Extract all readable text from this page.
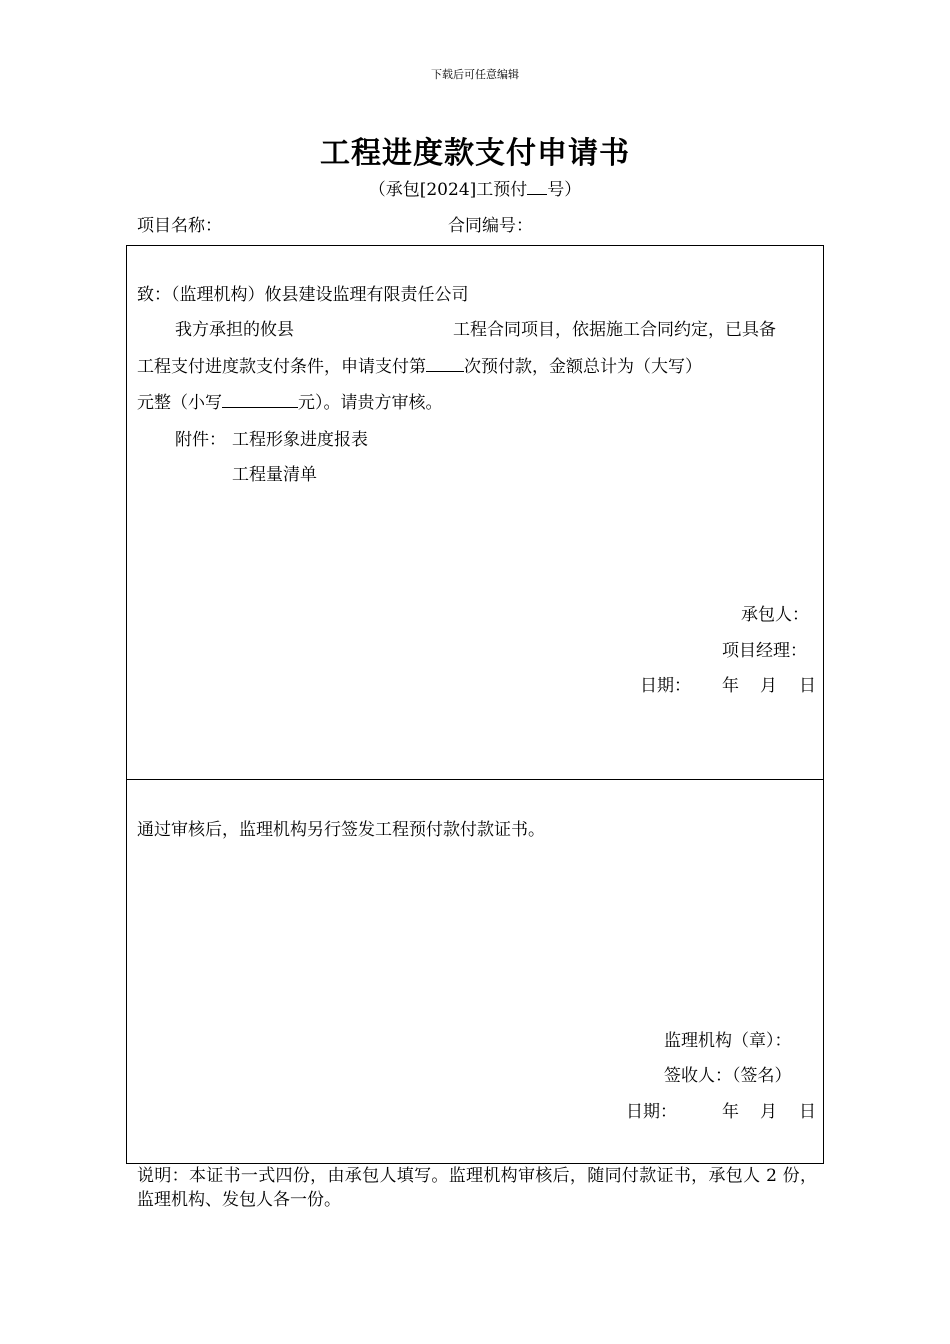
下载后可任意编辑
工程进度款支付申请书
（承包[2024]工预付 号）
项目名称：	合同编号：
致：（监理机构）攸县建设监理有限责任公司
我方承担的攸县	工程合同项目，依据施工合同约定，已具备
工程支付进度款支付条件，申请支付第 次预付款，金额总计为（大写）
元整（小写	元）。请贵方审核。
附件： 工程形象进度报表
工程量清单
承包人：
项目经理：
日期： 年 月 日
通过审核后，监理机构另行签发工程预付款付款证书。
监理机构（章）：
签收人：（签名）
日期：	年 月 日
说明：本证书一式四份，由承包人填写。监理机构审核后，随同付款证书，承包人 2 份，监理机构、发包人各一份。
